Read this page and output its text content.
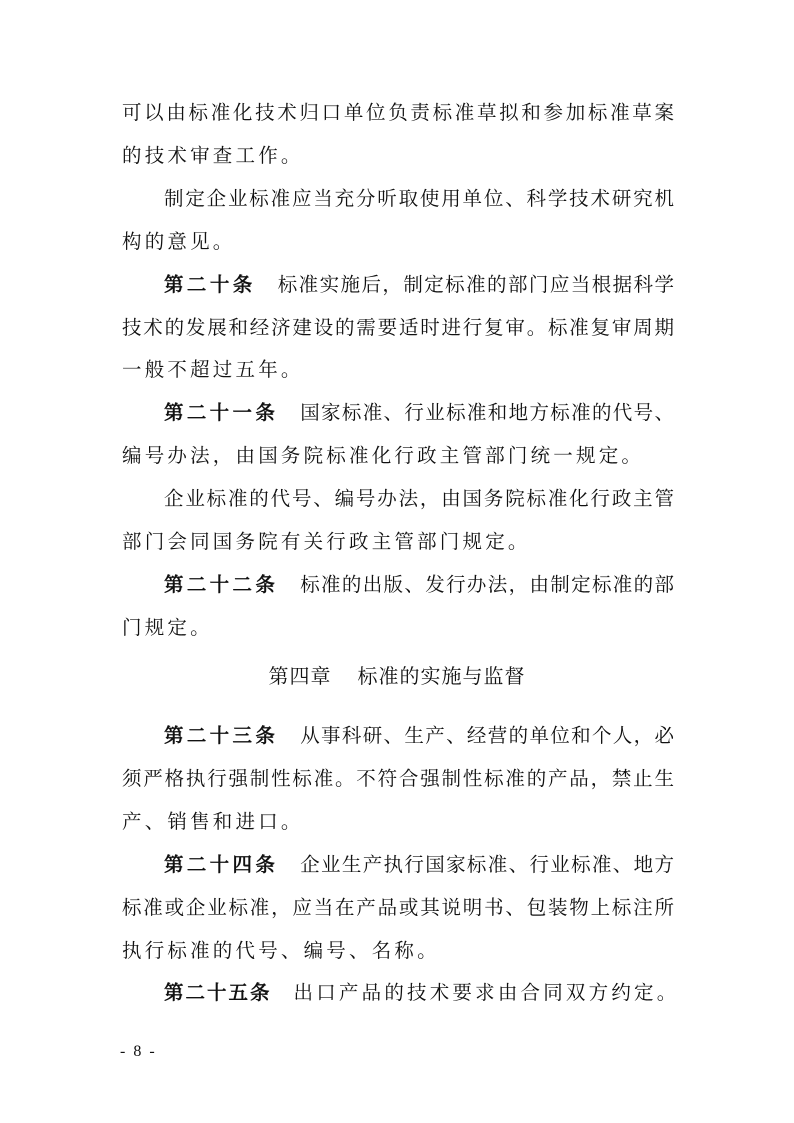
可以由标准化技术归口单位负责标准草拟和参加标准草案
的技术审查工作。
制定企业标准应当充分听取使用单位、科学技术研究机
构的意见。
第二十条 标准实施后，制定标准的部门应当根据科学
技术的发展和经济建设的需要适时进行复审。标准复审周期
一般不超过五年。
第二十一条 国家标准、行业标准和地方标准的代号、
编号办法，由国务院标准化行政主管部门统一规定。
企业标准的代号、编号办法，由国务院标准化行政主管
部门会同国务院有关行政主管部门规定。
第二十二条 标准的出版、发行办法，由制定标准的部
门规定。
第二十三条 从事科研、生产、经营的单位和个人，必
须严格执行强制性标准。不符合强制性标准的产品，禁止生
产、销售和进口。
第二十四条 企业生产执行国家标准、行业标准、地方
标准或企业标准，应当在产品或其说明书、包装物上标注所
执行标准的代号、编号、名称。
第二十五条 出口产品的技术要求由合同双方约定。
第四章 标准的实施与监督
- 8 -
